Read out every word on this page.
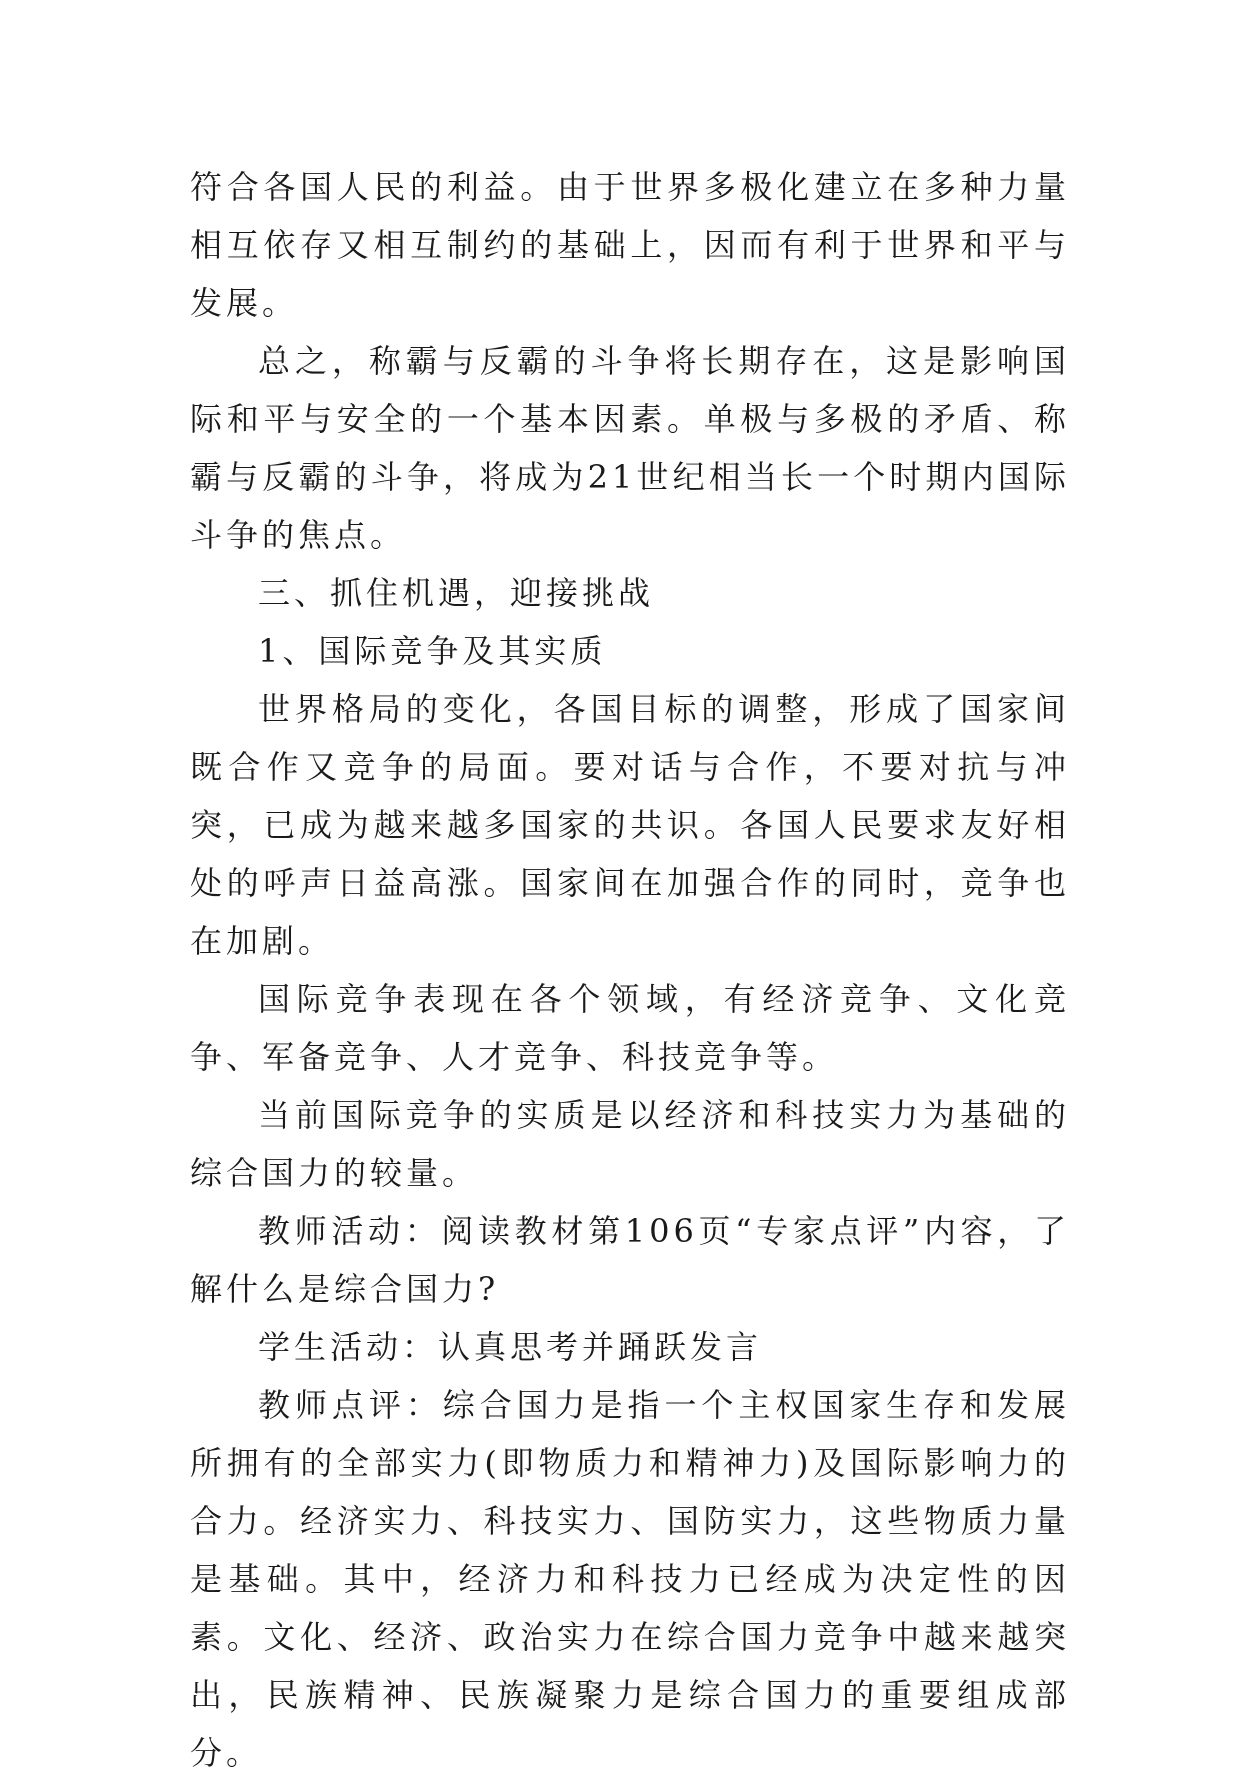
符合各国人民的利益。由于世界多极化建立在多种力量相互依存又相互制约的基础上，因而有利于世界和平与发展。

总之，称霸与反霸的斗争将长期存在，这是影响国际和平与安全的一个基本因素。单极与多极的矛盾、称霸与反霸的斗争，将成为21世纪相当长一个时期内国际斗争的焦点。

三、抓住机遇，迎接挑战

1、国际竞争及其实质

世界格局的变化，各国目标的调整，形成了国家间既合作又竞争的局面。要对话与合作，不要对抗与冲突，已成为越来越多国家的共识。各国人民要求友好相处的呼声日益高涨。国家间在加强合作的同时，竞争也在加剧。

国际竞争表现在各个领域，有经济竞争、文化竞争、军备竞争、人才竞争、科技竞争等。

当前国际竞争的实质是以经济和科技实力为基础的综合国力的较量。

教师活动：阅读教材第106页“专家点评”内容，了解什么是综合国力?

学生活动：认真思考并踊跃发言

教师点评：综合国力是指一个主权国家生存和发展所拥有的全部实力(即物质力和精神力)及国际影响力的合力。经济实力、科技实力、国防实力，这些物质力量是基础。其中，经济力和科技力已经成为决定性的因素。文化、经济、政治实力在综合国力竞争中越来越突出，民族精神、民族凝聚力是综合国力的重要组成部分。
